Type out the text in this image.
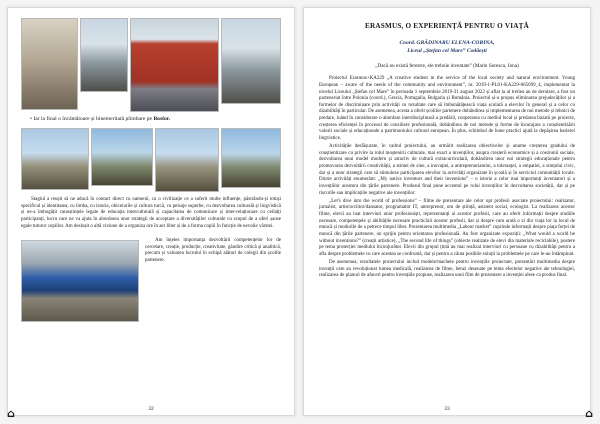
• Iar la final o încântătoare și binemeritată plimbare pe Bosfor.

Stagiul a reușit să ne aducă în contact direct cu oamenii, cu o civilizație ce a suferit multe influențe, păstrându-și totuși specificul și identitatea, cu limba, cu istoria, obiceiurile și cultura turcă, cu peisaje superbe, cu dezvoltarea culturală și lingvistică și ne-a îmbogățit cunoștințele legate de educația interculturală și capacitatea de comunicare și inter-relaționare cu ceilalți participanți, lucru care ne va ajuta în abordarea unor strategii de acceptare a diversităților culturale cu scopul de a oferi șanse egale tuturor copiilor. Am deslușit o altă viziune de a organiza ore în aer liber și de a forma copiii în funcție de nevoile vârstei.

Am înțeles importanța dezvoltării competențelor lor de cercetare, creație, producție, creativitate, gândire critică și analitică, precum și valoarea lucrului în echipă alături de colegii din școlile partenere.

32
ERASMUS, O EXPERIENȚĂ PENTRU O VIAȚĂ
Coord. GRĂDINARU ELENA-CORINA,
Liceul „Ștefan cel Mare” Codăești
„Dacă nu există ferestre, ele trebuie inventate” (Marin Sorescu, Iona)

Proiectul Erasmus+KA229 „A creative student in the service of the local society and natural environment. Young European – aware of the needs of the community and environment”, nr. 2019-1-PL01-KA229-065699_4, implementat la nivelul Liceului „Ștefan cel Mare” în perioada 1 septembrie 2019-31 august 2022 și aflat la al treilea an de derulare, a fost un parteneriat între Polonia (coord.), Grecia, Portugalia, Bulgaria și România. Proiectul și-a propus eliminarea prejudecăților și a formelor de discriminare prin activități cu rezultate care să îmbunătățească viața școlară a elevilor în general și a celor cu dizabilități în particular. De asemenea, acesta a oferit școlilor partenere dobândirea și implementarea de noi metode și tehnici de predare, luând în considerare o abordare interdisciplinară a predării, cooperarea cu mediul local și predarea bazată pe proiecte, creșterea eficienței în procesul de consiliere profesională, dobândirea de noi metode și forme de încurajare a conștientizării valorii sociale și educaționale a patrimoniului cultural european. În plus, schimbul de bune practici ajută la depășirea barierei lingvistice.

Activitățile desfășurate, în cadrul proiectului, au urmărit realizarea obiectivelor și anume creșterea gradului de conștientizare cu privire la rolul moștenirii culturale, mai exact a invențiilor, asupra creșterii economice și a coeziunii sociale, dezvoltarea unui model modern și atractiv de cultură extracurriculară, dobândirea unor noi strategii educaționale pentru promovarea dezvoltării creativității, a stimei de sine, a inovației, a antreprenoriatului, a toleranței, a empatiei, a simțului civic, dar și a unor strategii care să stimuleze participarea elevilor la activități organizate în școală și în serviciul comunității locale. Dintre activități enumerăm: „My native inventors and their inventions” – o istorie a celor mai importanți inventatori și a invențiilor acestora din țările partenere. Produsul final pune accentul pe rolul invențiilor în dezvoltarea societății, dar și pe riscurile sau implicațiile negative ale invențiilor.

„Let's dive into the world of professions” – filme de prezentare ale celor opt profesii asociate proiectului: realizator, jurnalist, artist/scriitor/dansator, programator IT, antreprenor, om de știință, asistent social, ecologist. La realizarea acestor filme, elevii au luat interviuri unor profesioniști, reprezentanți ai acestor profesii, care au oferit informații despre studiile necesare, competențele și abilitățile necesare practicării acestor profesii, dar și despre cum arată o zi din viața lor la locul de muncă și modurile de a petrece timpul liber. Prezentarea multimedia „Labour market” cuprinde informații despre piața forței de muncă din țările partenere, un sprijin pentru orientarea profesională. Au fost organizate expoziții: „What would a world be without inventions?” (creații artistice), „The second life of things” (obiecte realizate de elevi din materiale reciclabile), postere pe tema protecției mediului înconjurător. Elevii din grupul țintă au mai realizat interviuri cu persoane cu dizabilități pentru a afla despre problemele cu care acestea se confruntă, dar și pentru a căuta posibile soluții la problemele pe care le-au întâmpinat.

De asemenea, rezultatele proiectului includ modele/machete pentru invențiile proiectate, prezentări multimedia despre invenții care au revoluționat lumea medicală, realizarea de filme, benzi desenate pe tema efectelor negative ale tehnologiei, realizarea de planuri de afaceri pentru invențiile propuse, realizarea unui film de prezentare a invenției alese ca produs final.

33
⌂	⌂
